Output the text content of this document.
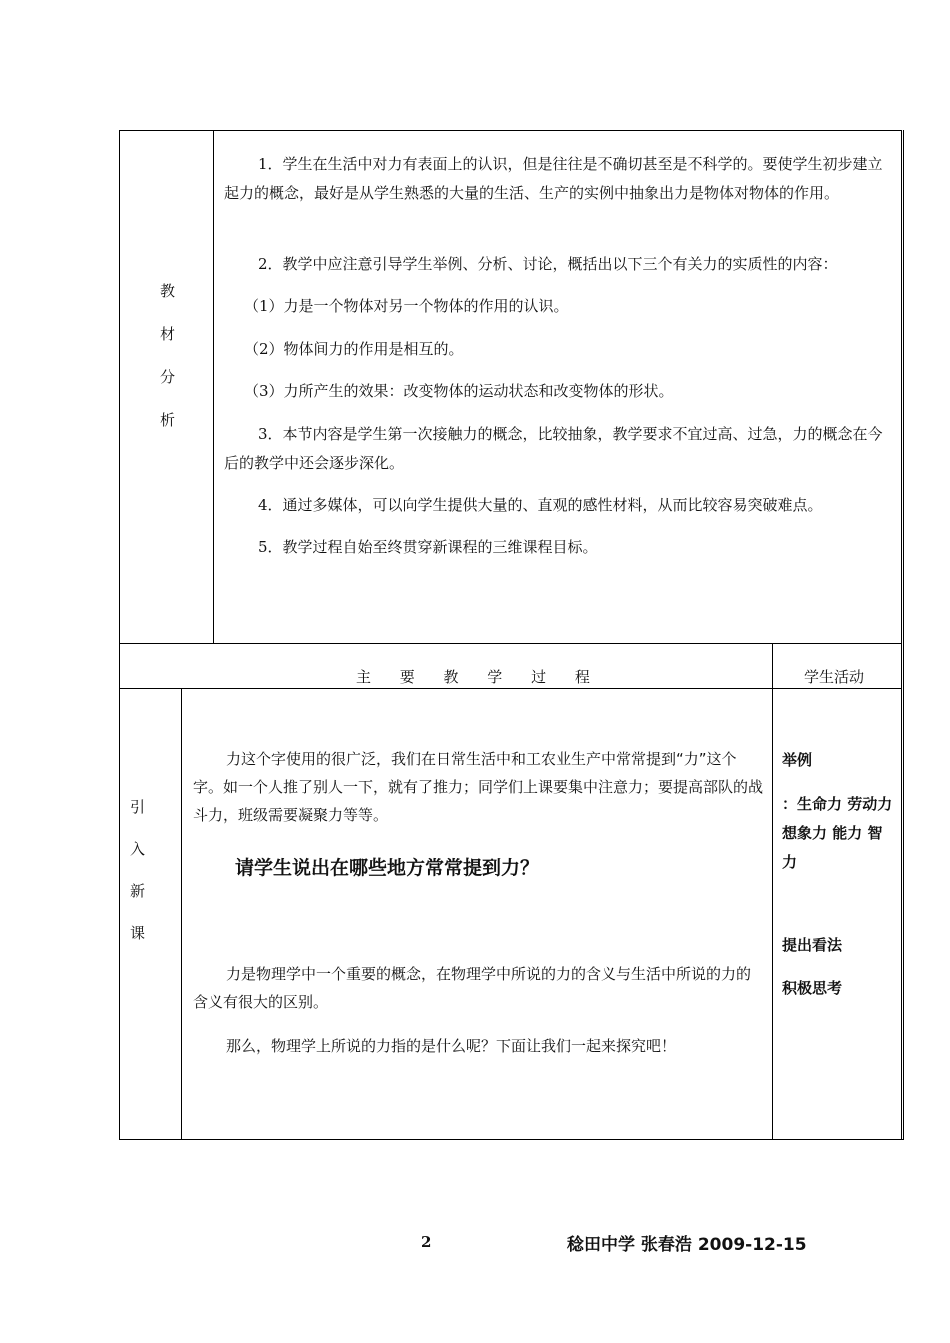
教
材
分
析
1．学生在生活中对力有表面上的认识，但是往往是不确切甚至是不科学的。要使学生初步建立起力的概念，最好是从学生熟悉的大量的生活、生产的实例中抽象出力是物体对物体的作用。
2．教学中应注意引导学生举例、分析、讨论，概括出以下三个有关力的实质性的内容：
（1）力是一个物体对另一个物体的作用的认识。
（2）物体间力的作用是相互的。
（3）力所产生的效果：改变物体的运动状态和改变物体的形状。
3．本节内容是学生第一次接触力的概念，比较抽象，教学要求不宜过高、过急，力的概念在今后的教学中还会逐步深化。
4．通过多媒体，可以向学生提供大量的、直观的感性材料，从而比较容易突破难点。
5．教学过程自始至终贯穿新课程的三维课程目标。
主 要 教 学 过 程	学生活动
引
入
新
课
力这个字使用的很广泛，我们在日常生活中和工农业生产中常常提到“力”这个字。如一个人推了别人一下，就有了推力；同学们上课要集中注意力；要提高部队的战斗力，班级需要凝聚力等等。
请学生说出在哪些地方常常提到力？
力是物理学中一个重要的概念，在物理学中所说的力的含义与生活中所说的力的含义有很大的区别。
那么，物理学上所说的力指的是什么呢？下面让我们一起来探究吧！
举例
：生命力 劳动力 想象力 能力 智力
提出看法
积极思考
2	稔田中学 张春浩 2009-12-15
